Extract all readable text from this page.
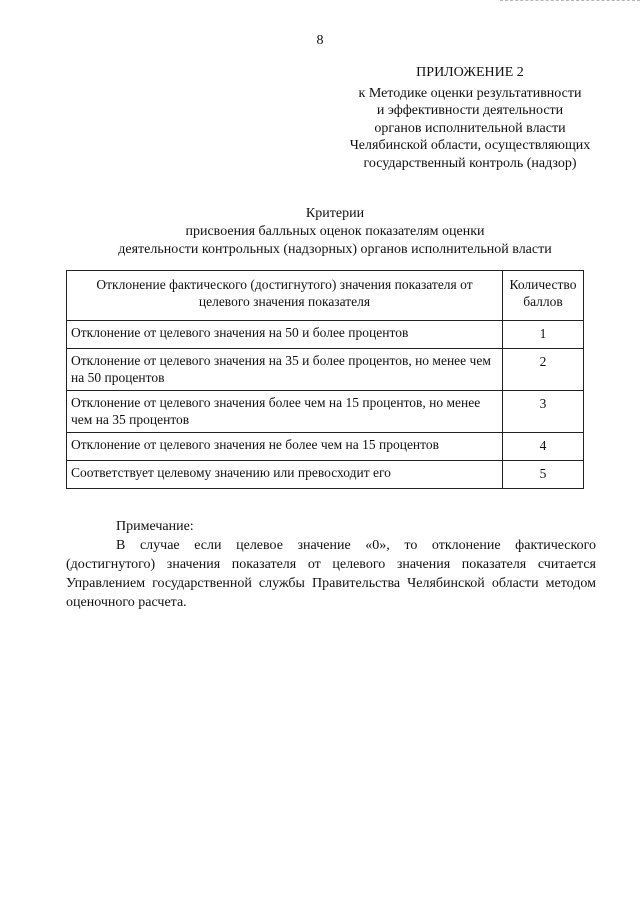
8
ПРИЛОЖЕНИЕ 2
к Методике оценки результативности
и эффективности деятельности
органов исполнительной власти
Челябинской области, осуществляющих
государственный контроль (надзор)
Критерии
присвоения балльных оценок показателям оценки
деятельности контрольных (надзорных) органов исполнительной власти
Отклонение фактического (достигнутого) значения показателя от целевого значения показателя	Количество баллов
Отклонение от целевого значения на 50 и более процентов	1
Отклонение от целевого значения на 35 и более процентов, но менее чем на 50 процентов	2
Отклонение от целевого значения более чем на 15 процентов, но менее чем на 35 процентов	3
Отклонение от целевого значения не более чем на 15 процентов	4
Соответствует целевому значению или превосходит его	5
Примечание:
В случае если целевое значение «0», то отклонение фактического (достигнутого) значения показателя от целевого значения показателя считается Управлением государственной службы Правительства Челябинской области методом оценочного расчета.
